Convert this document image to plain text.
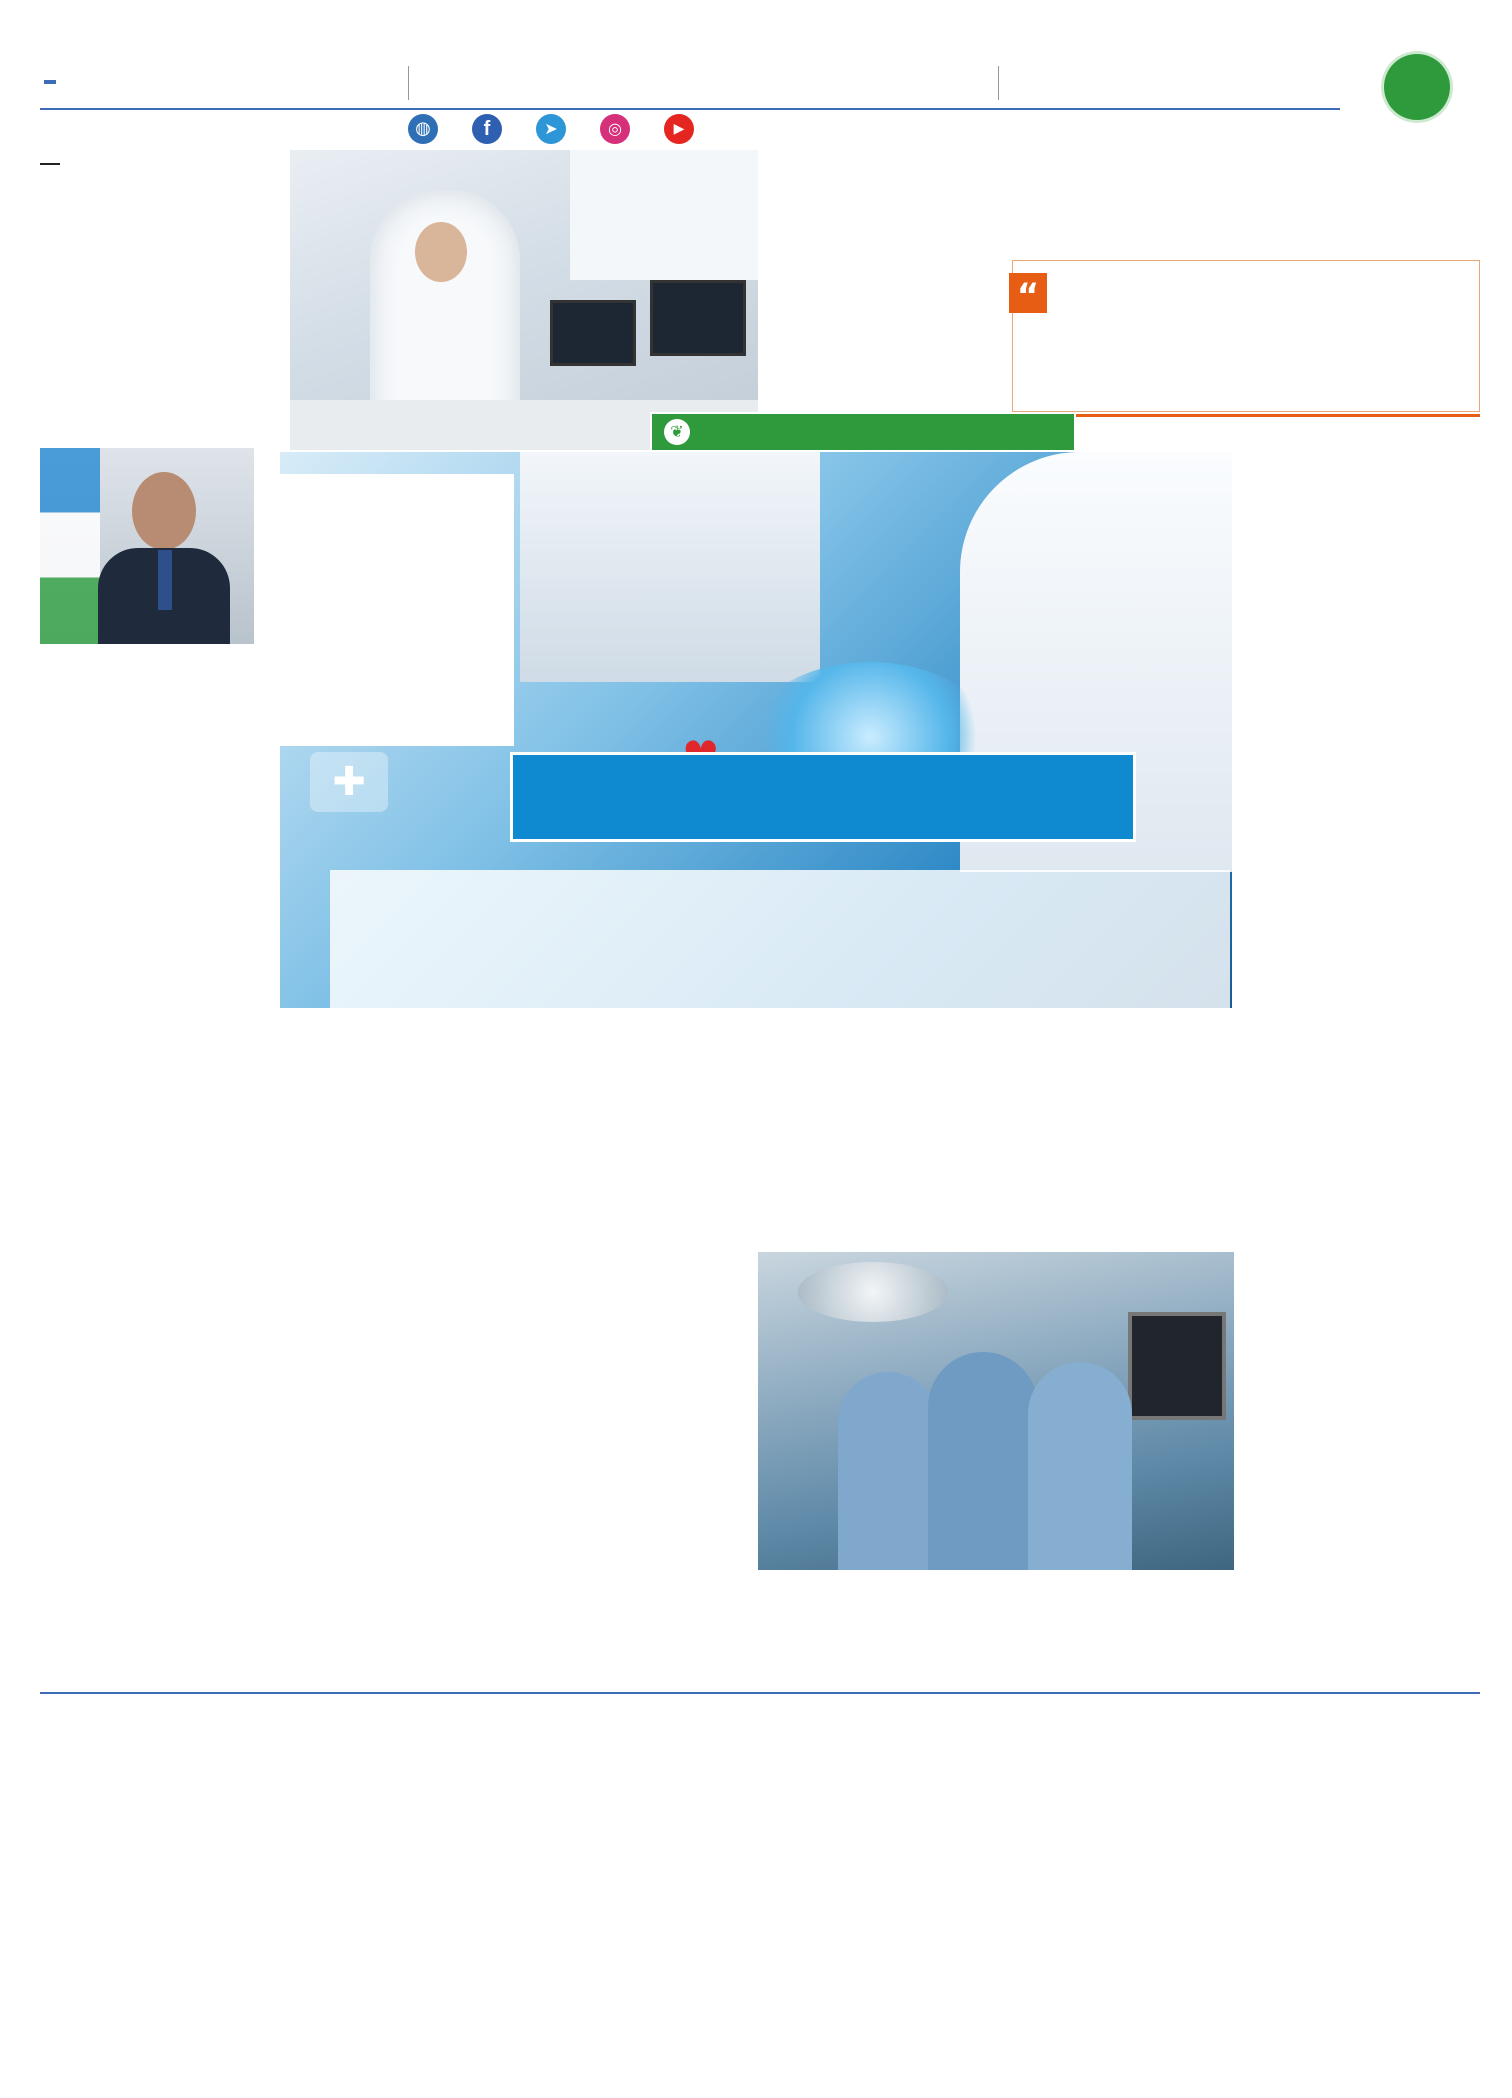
◍	f	➤	◎	▶
“
❦
✚
